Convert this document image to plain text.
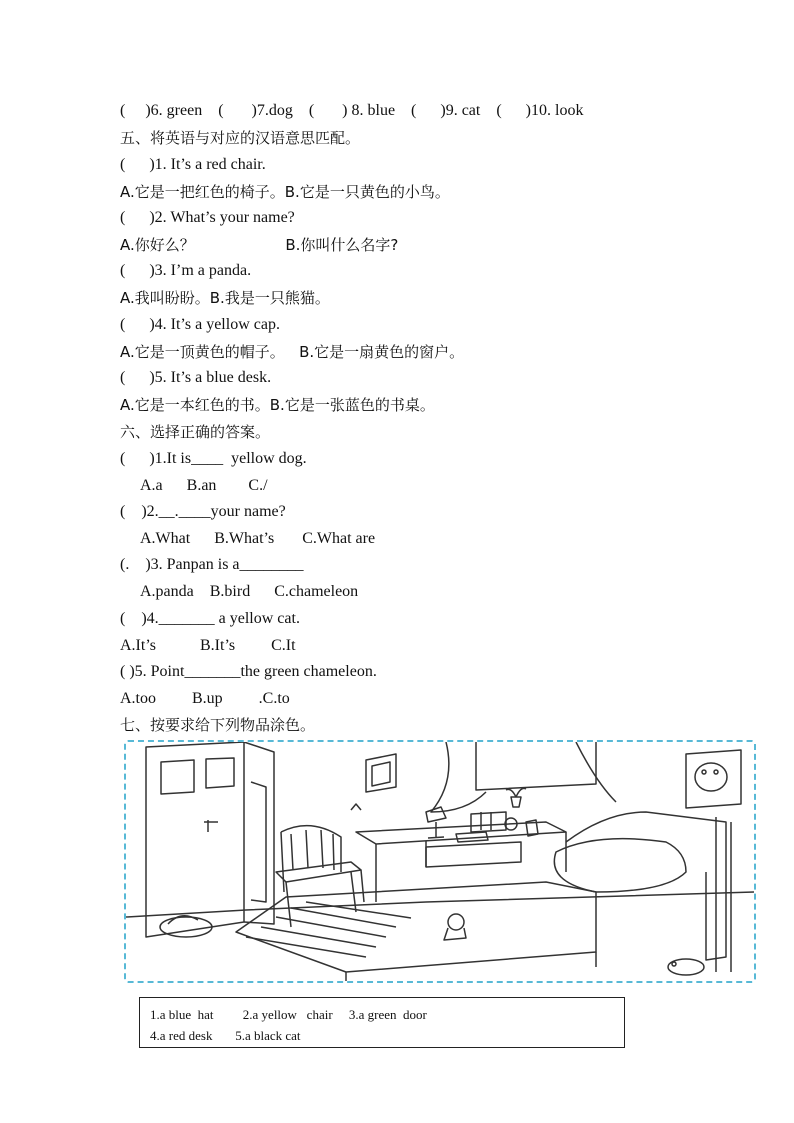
(     )6. green    (       )7.dog    (       ) 8. blue    (      )9. cat    (      )10. look
五、将英语与对应的汉语意思匹配。
(      )1. It’s a red chair.
A.它是一把红色的椅子。B.它是一只黄色的小鸟。
(      )2. What’s your name?
A.你好么？                   B.你叫什么名字?
(      )3. I’m a panda.
A.我叫盼盼。B.我是一只熊猫。
(      )4. It’s a yellow cap.
A.它是一顶黄色的帽子。   B.它是一扇黄色的窗户。
(      )5. It’s a blue desk.
A.它是一本红色的书。B.它是一张蓝色的书桌。
六、选择正确的答案。
(      )1.It is____  yellow dog.
A.a      B.an        C./
(    )2.__.____your name?
A.What      B.What’s       C.What are
(.    )3. Panpan is a________
A.panda    B.bird      C.chameleon
(    )4._______ a yellow cat.
A.It’s           B.It’s         C.It
( )5. Point_______the green chameleon.
A.too         B.up         .C.to
七、按要求给下列物品涂色。
1.a blue  hat         2.a yellow   chair     3.a green  door
4.a red desk       5.a black cat
